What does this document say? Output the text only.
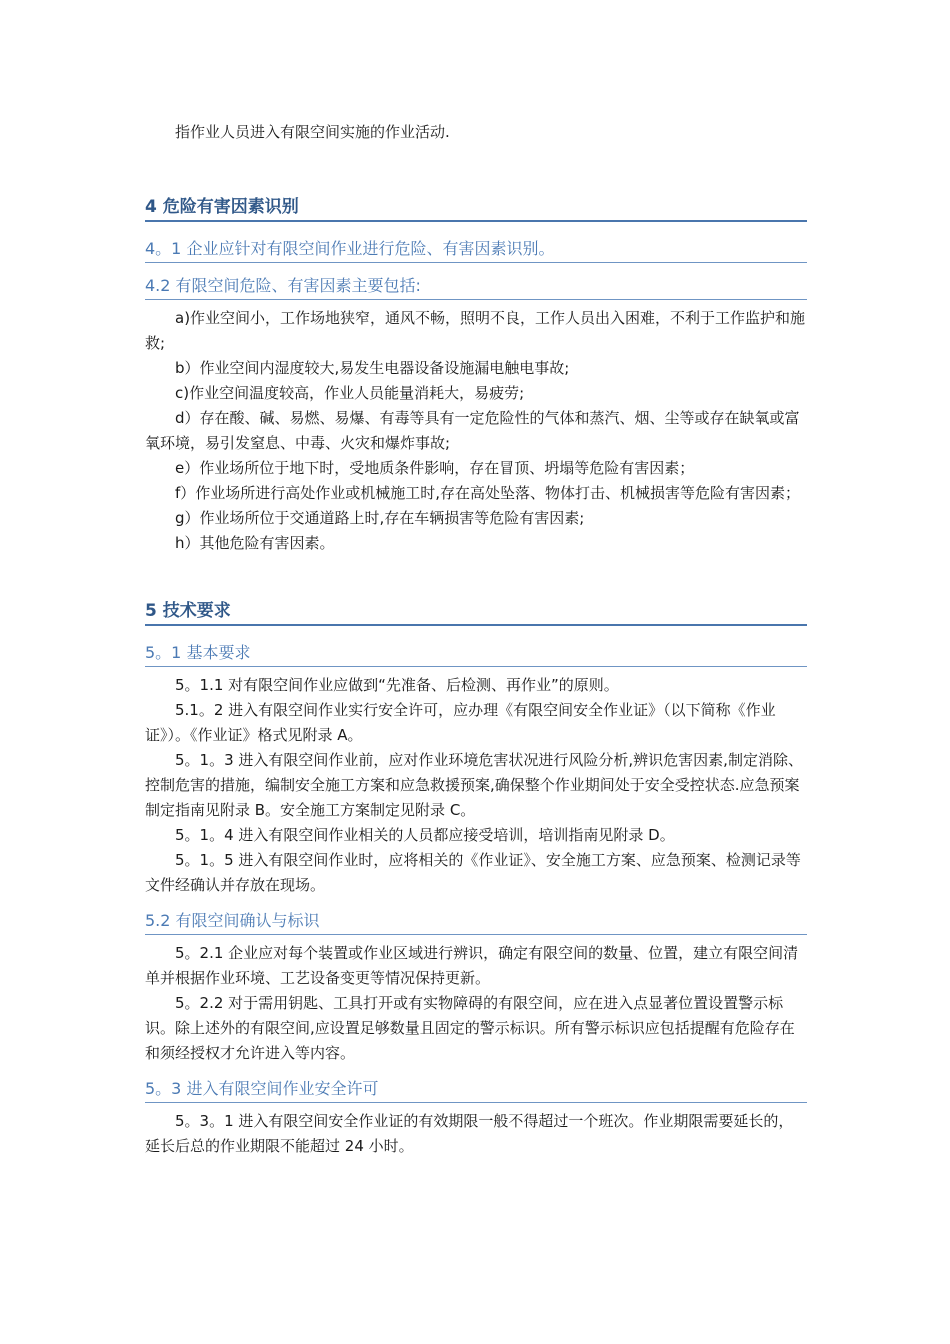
指作业人员进入有限空间实施的作业活动.

4 危险有害因素识别
4。1 企业应针对有限空间作业进行危险、有害因素识别。
4.2 有限空间危险、有害因素主要包括:

a)作业空间小，工作场地狭窄，通风不畅，照明不良，工作人员出入困难，不利于工作监护和施救;

b）作业空间内湿度较大,易发生电器设备设施漏电触电事故;

c)作业空间温度较高，作业人员能量消耗大，易疲劳;

d）存在酸、碱、易燃、易爆、有毒等具有一定危险性的气体和蒸汽、烟、尘等或存在缺氧或富氧环境，易引发窒息、中毒、火灾和爆炸事故;

e）作业场所位于地下时，受地质条件影响，存在冒顶、坍塌等危险有害因素；

f）作业场所进行高处作业或机械施工时,存在高处坠落、物体打击、机械损害等危险有害因素；

g）作业场所位于交通道路上时,存在车辆损害等危险有害因素;

h）其他危险有害因素。

5 技术要求
5。1 基本要求

5。1.1 对有限空间作业应做到“先准备、后检测、再作业”的原则。

5.1。2 进入有限空间作业实行安全许可，应办理《有限空间安全作业证》（以下简称《作业证》）。《作业证》格式见附录 A。

5。1。3 进入有限空间作业前，应对作业环境危害状况进行风险分析,辨识危害因素,制定消除、控制危害的措施，编制安全施工方案和应急救援预案,确保整个作业期间处于安全受控状态.应急预案制定指南见附录 B。安全施工方案制定见附录 C。

5。1。4 进入有限空间作业相关的人员都应接受培训，培训指南见附录 D。

5。1。5 进入有限空间作业时，应将相关的《作业证》、安全施工方案、应急预案、检测记录等文件经确认并存放在现场。

5.2 有限空间确认与标识

5。2.1 企业应对每个装置或作业区域进行辨识，确定有限空间的数量、位置，建立有限空间清单并根据作业环境、工艺设备变更等情况保持更新。

5。2.2 对于需用钥匙、工具打开或有实物障碍的有限空间，应在进入点显著位置设置警示标识。除上述外的有限空间,应设置足够数量且固定的警示标识。所有警示标识应包括提醒有危险存在和须经授权才允许进入等内容。

5。3 进入有限空间作业安全许可

5。3。1 进入有限空间安全作业证的有效期限一般不得超过一个班次。作业期限需要延长的，延长后总的作业期限不能超过 24 小时。
